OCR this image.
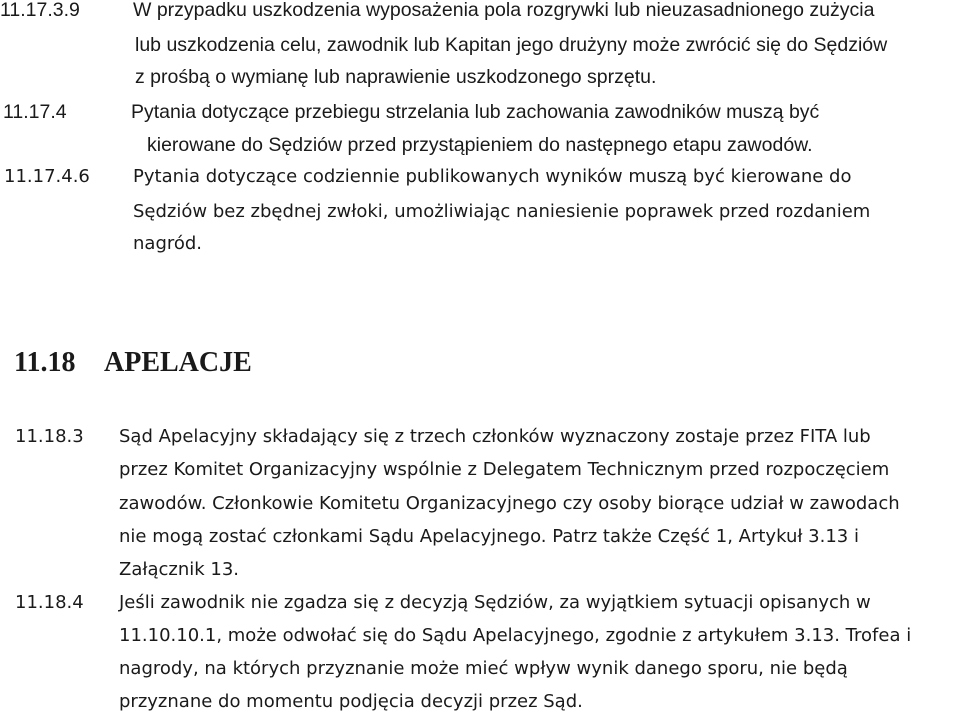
11.17.3.9	W przypadku uszkodzenia wyposażenia pola rozgrywki lub nieuzasadnionego zużycia
lub uszkodzenia celu, zawodnik lub Kapitan jego drużyny może zwrócić się do Sędziów
z prośbą o wymianę lub naprawienie uszkodzonego sprzętu.
11.17.4	Pytania dotyczące przebiegu strzelania lub zachowania zawodników muszą być
kierowane do Sędziów przed przystąpieniem do następnego etapu zawodów.
11.17.4.6 Pytania dotyczące codziennie publikowanych wyników muszą być kierowane do
Sędziów bez zbędnej zwłoki, umożliwiając naniesienie poprawek przed rozdaniem
nagród.
11.18 APELACJE
11.18.3 Sąd Apelacyjny składający się z trzech członków wyznaczony zostaje przez FITA lub
przez Komitet Organizacyjny wspólnie z Delegatem Technicznym przed rozpoczęciem
zawodów. Członkowie Komitetu Organizacyjnego czy osoby biorące udział w zawodach
nie mogą zostać członkami Sądu Apelacyjnego. Patrz także Część 1, Artykuł 3.13 i
Załącznik 13.
11.18.4 Jeśli zawodnik nie zgadza się z decyzją Sędziów, za wyjątkiem sytuacji opisanych w
11.10.10.1, może odwołać się do Sądu Apelacyjnego, zgodnie z artykułem 3.13. Trofea i
nagrody, na których przyznanie może mieć wpływ wynik danego sporu, nie będą
przyznane do momentu podjęcia decyzji przez Sąd.
